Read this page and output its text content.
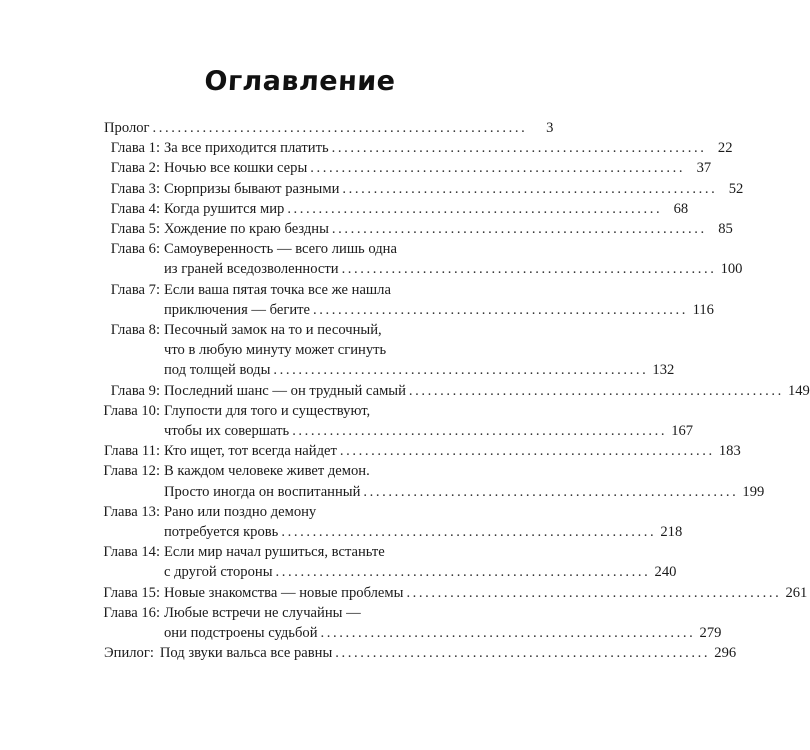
Оглавление
Пролог ............................................................	3
Глава 1: За все приходится платить ............................................................ 22
Глава 2: Ночью все кошки серы ............................................................ 37
Глава 3: Сюрпризы бывают разными ............................................................ 52
Глава 4: Когда рушится мир ............................................................ 68
Глава 5: Хождение по краю бездны ............................................................ 85
Глава 6: Самоуверенность — всего лишь одна
из граней вседозволенности ............................................................ 100
Глава 7: Если ваша пятая точка все же нашла
приключения — бегите ............................................................ 116
Глава 8: Песочный замок на то и песочный,
что в любую минуту может сгинуть
под толщей воды ............................................................ 132
Глава 9: Последний шанс — он трудный самый ............................................................ 149
Глава 10: Глупости для того и существуют,
чтобы их совершать ............................................................ 167
Глава 11: Кто ищет, тот всегда найдет ............................................................ 183
Глава 12: В каждом человеке живет демон.
Просто иногда он воспитанный ............................................................ 199
Глава 13: Рано или поздно демону
потребуется кровь ............................................................ 218
Глава 14: Если мир начал рушиться, встаньте
с другой стороны ............................................................ 240
Глава 15: Новые знакомства — новые проблемы ............................................................ 261
Глава 16: Любые встречи не случайны —
они подстроены судьбой ............................................................ 279
Эпилог: Под звуки вальса все равны ............................................................ 296
